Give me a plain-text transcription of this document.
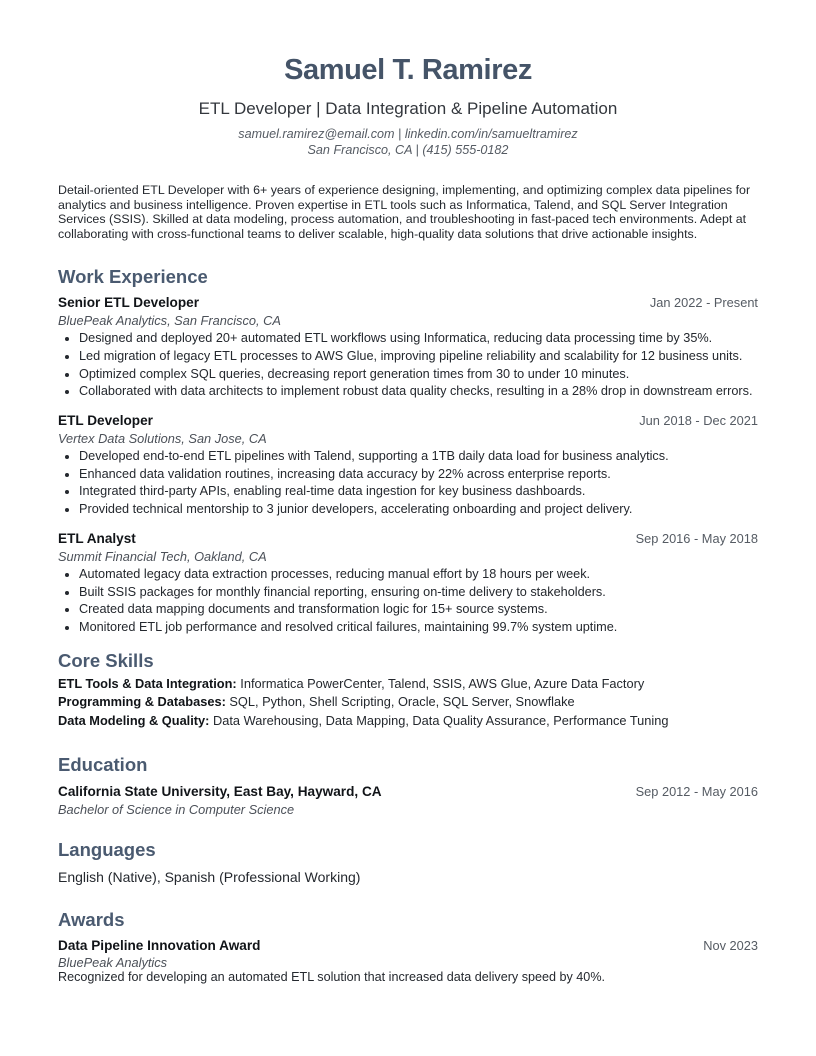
Samuel T. Ramirez
ETL Developer | Data Integration & Pipeline Automation
samuel.ramirez@email.com | linkedin.com/in/samueltramirez
San Francisco, CA | (415) 555-0182
Detail-oriented ETL Developer with 6+ years of experience designing, implementing, and optimizing complex data pipelines for analytics and business intelligence. Proven expertise in ETL tools such as Informatica, Talend, and SQL Server Integration Services (SSIS). Skilled at data modeling, process automation, and troubleshooting in fast-paced tech environments. Adept at collaborating with cross-functional teams to deliver scalable, high-quality data solutions that drive actionable insights.
Work Experience
Senior ETL Developer	Jan 2022 - Present
BluePeak Analytics, San Francisco, CA
• Designed and deployed 20+ automated ETL workflows using Informatica, reducing data processing time by 35%.
• Led migration of legacy ETL processes to AWS Glue, improving pipeline reliability and scalability for 12 business units.
• Optimized complex SQL queries, decreasing report generation times from 30 to under 10 minutes.
• Collaborated with data architects to implement robust data quality checks, resulting in a 28% drop in downstream errors.
ETL Developer	Jun 2018 - Dec 2021
Vertex Data Solutions, San Jose, CA
• Developed end-to-end ETL pipelines with Talend, supporting a 1TB daily data load for business analytics.
• Enhanced data validation routines, increasing data accuracy by 22% across enterprise reports.
• Integrated third-party APIs, enabling real-time data ingestion for key business dashboards.
• Provided technical mentorship to 3 junior developers, accelerating onboarding and project delivery.
ETL Analyst	Sep 2016 - May 2018
Summit Financial Tech, Oakland, CA
• Automated legacy data extraction processes, reducing manual effort by 18 hours per week.
• Built SSIS packages for monthly financial reporting, ensuring on-time delivery to stakeholders.
• Created data mapping documents and transformation logic for 15+ source systems.
• Monitored ETL job performance and resolved critical failures, maintaining 99.7% system uptime.
Core Skills
ETL Tools & Data Integration: Informatica PowerCenter, Talend, SSIS, AWS Glue, Azure Data Factory
Programming & Databases: SQL, Python, Shell Scripting, Oracle, SQL Server, Snowflake
Data Modeling & Quality: Data Warehousing, Data Mapping, Data Quality Assurance, Performance Tuning
Education
California State University, East Bay, Hayward, CA	Sep 2012 - May 2016
Bachelor of Science in Computer Science
Languages
English (Native), Spanish (Professional Working)
Awards
Data Pipeline Innovation Award	Nov 2023
BluePeak Analytics
Recognized for developing an automated ETL solution that increased data delivery speed by 40%.
